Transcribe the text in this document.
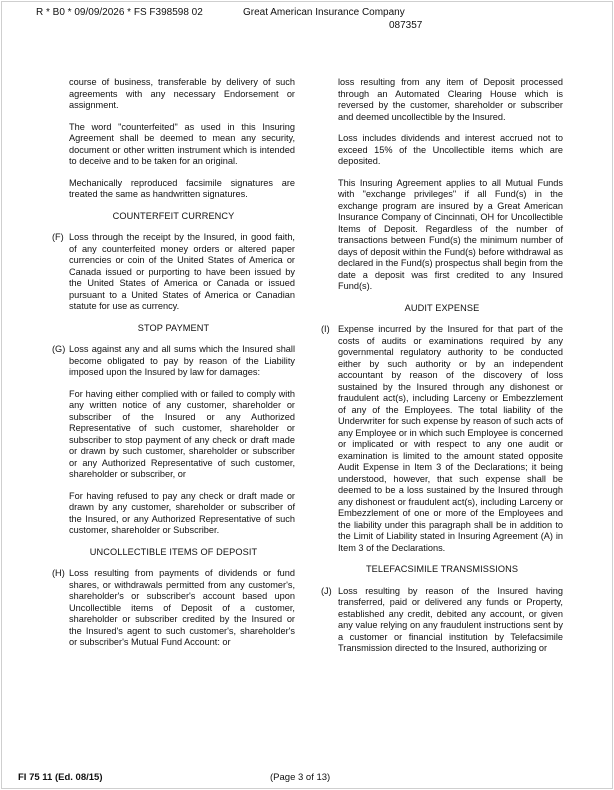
R * B0 * 09/09/2026 * FS F398598 02	Great American Insurance Company
087357

course of business, transferable by delivery of such agreements with any necessary Endorsement or assignment.

The word "counterfeited" as used in this Insuring Agreement shall be deemed to mean any security, document or other written instrument which is intended to deceive and to be taken for an original.

Mechanically reproduced facsimile signatures are treated the same as handwritten signatures.

COUNTERFEIT CURRENCY
(F) Loss through the receipt by the Insured, in good faith, of any counterfeited money orders or altered paper currencies or coin of the United States of America or Canada issued or purporting to have been issued by the United States of America or Canada or issued pursuant to a United States of America or Canadian statute for use as currency.

STOP PAYMENT
(G) Loss against any and all sums which the Insured shall become obligated to pay by reason of the Liability imposed upon the Insured by law for damages:

For having either complied with or failed to comply with any written notice of any customer, shareholder or subscriber of the Insured or any Authorized Representative of such customer, shareholder or subscriber to stop payment of any check or draft made or drawn by such customer, shareholder or subscriber or any Authorized Representative of such customer, shareholder or subscriber, or

For having refused to pay any check or draft made or drawn by any customer, shareholder or subscriber of the Insured, or any Authorized Representative of such customer, shareholder or Subscriber.

UNCOLLECTIBLE ITEMS OF DEPOSIT
(H) Loss resulting from payments of dividends or fund shares, or withdrawals permitted from any customer's, shareholder's or subscriber's account based upon Uncollectible items of Deposit of a customer, shareholder or subscriber credited by the Insured or the Insured's agent to such customer's, shareholder's or subscriber's Mutual Fund Account: or

loss resulting from any item of Deposit processed through an Automated Clearing House which is reversed by the customer, shareholder or subscriber and deemed uncollectible by the Insured.

Loss includes dividends and interest accrued not to exceed 15% of the Uncollectible items which are deposited.

This Insuring Agreement applies to all Mutual Funds with "exchange privileges" if all Fund(s) in the exchange program are insured by a Great American Insurance Company of Cincinnati, OH for Uncollectible Items of Deposit. Regardless of the number of transactions between Fund(s) the minimum number of days of deposit within the Fund(s) before withdrawal as declared in the Fund(s) prospectus shall begin from the date a deposit was first credited to any Insured Fund(s).

AUDIT EXPENSE
(I) Expense incurred by the Insured for that part of the costs of audits or examinations required by any governmental regulatory authority to be conducted either by such authority or by an independent accountant by reason of the discovery of loss sustained by the Insured through any dishonest or fraudulent act(s), including Larceny or Embezzlement of any of the Employees. The total liability of the Underwriter for such expense by reason of such acts of any Employee or in which such Employee is concerned or implicated or with respect to any one audit or examination is limited to the amount stated opposite Audit Expense in Item 3 of the Declarations; it being understood, however, that such expense shall be deemed to be a loss sustained by the Insured through any dishonest or fraudulent act(s), including Larceny or Embezzlement of one or more of the Employees and the liability under this paragraph shall be in addition to the Limit of Liability stated in Insuring Agreement (A) in Item 3 of the Declarations.

TELEFACSIMILE TRANSMISSIONS
(J) Loss resulting by reason of the Insured having transferred, paid or delivered any funds or Property, established any credit, debited any account, or given any value relying on any fraudulent instructions sent by a customer or financial institution by Telefacsimile Transmission directed to the Insured, authorizing or

FI 75 11 (Ed. 08/15)	(Page 3 of 13)
